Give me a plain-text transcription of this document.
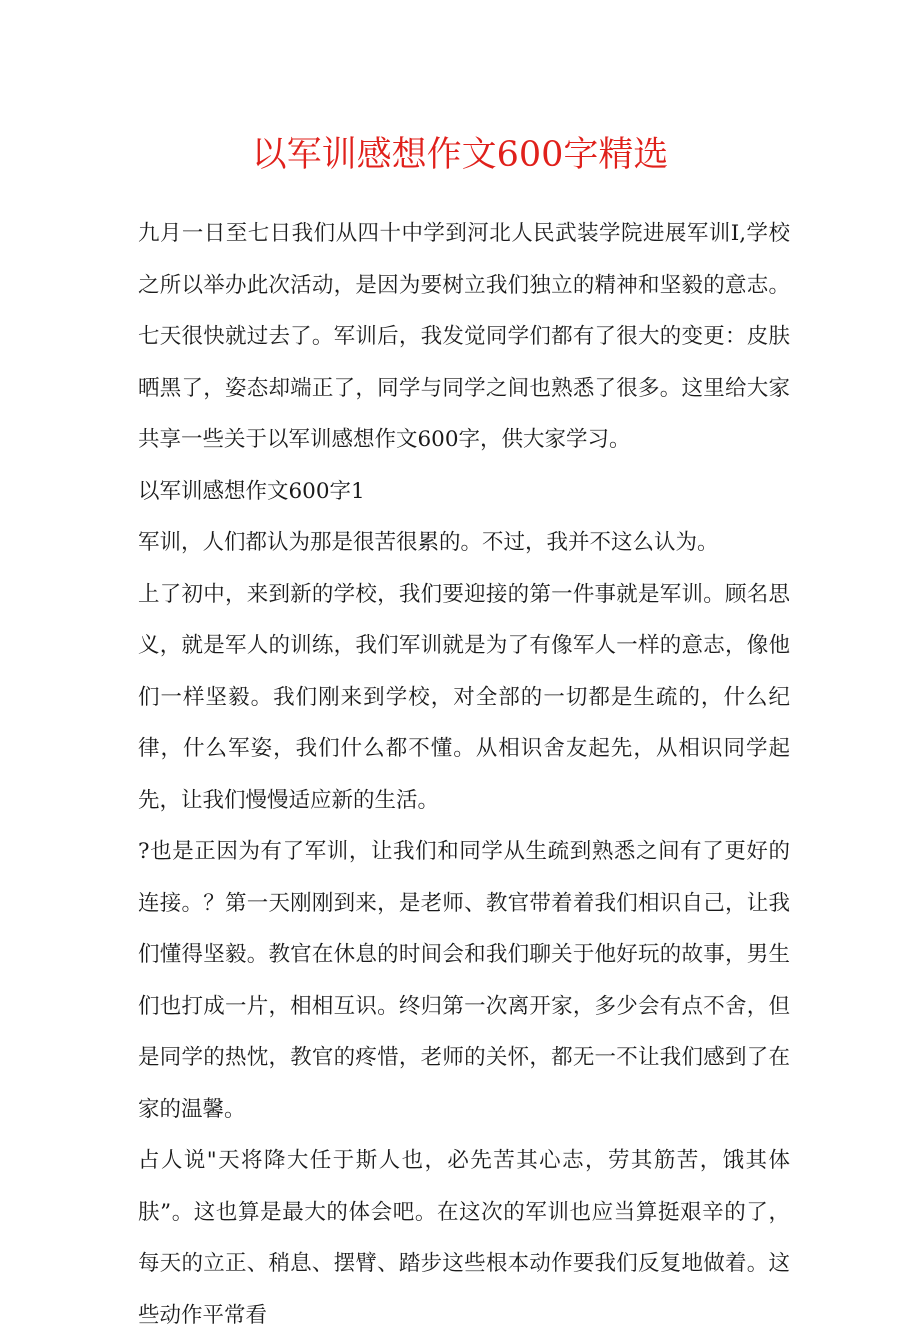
以军训感想作文600字精选

九月一日至七日我们从四十中学到河北人民武装学院进展军训I,学校之所以举办此次活动，是因为要树立我们独立的精神和坚毅的意志。七天很快就过去了。军训后，我发觉同学们都有了很大的变更：皮肤晒黑了，姿态却端正了，同学与同学之间也熟悉了很多。这里给大家共享一些关于以军训感想作文600字，供大家学习。

以军训感想作文600字1

军训，人们都认为那是很苦很累的。不过，我并不这么认为。

上了初中，来到新的学校，我们要迎接的第一件事就是军训。顾名思义，就是军人的训练，我们军训就是为了有像军人一样的意志，像他们一样坚毅。我们刚来到学校，对全部的一切都是生疏的，什么纪律，什么军姿，我们什么都不懂。从相识舍友起先，从相识同学起先，让我们慢慢适应新的生活。

?也是正因为有了军训，让我们和同学从生疏到熟悉之间有了更好的连接。？第一天刚刚到来，是老师、教官带着着我们相识自己，让我们懂得坚毅。教官在休息的时间会和我们聊关于他好玩的故事，男生们也打成一片，相相互识。终归第一次离开家，多少会有点不舍，但是同学的热忱，教官的疼惜，老师的关怀，都无一不让我们感到了在家的温馨。

占人说"天将降大任于斯人也，必先苦其心志，劳其筋苦，饿其体肤”。这也算是最大的体会吧。在这次的军训也应当算挺艰辛的了，每天的立正、稍息、摆臂、踏步这些根本动作要我们反复地做着。这些动作平常看
